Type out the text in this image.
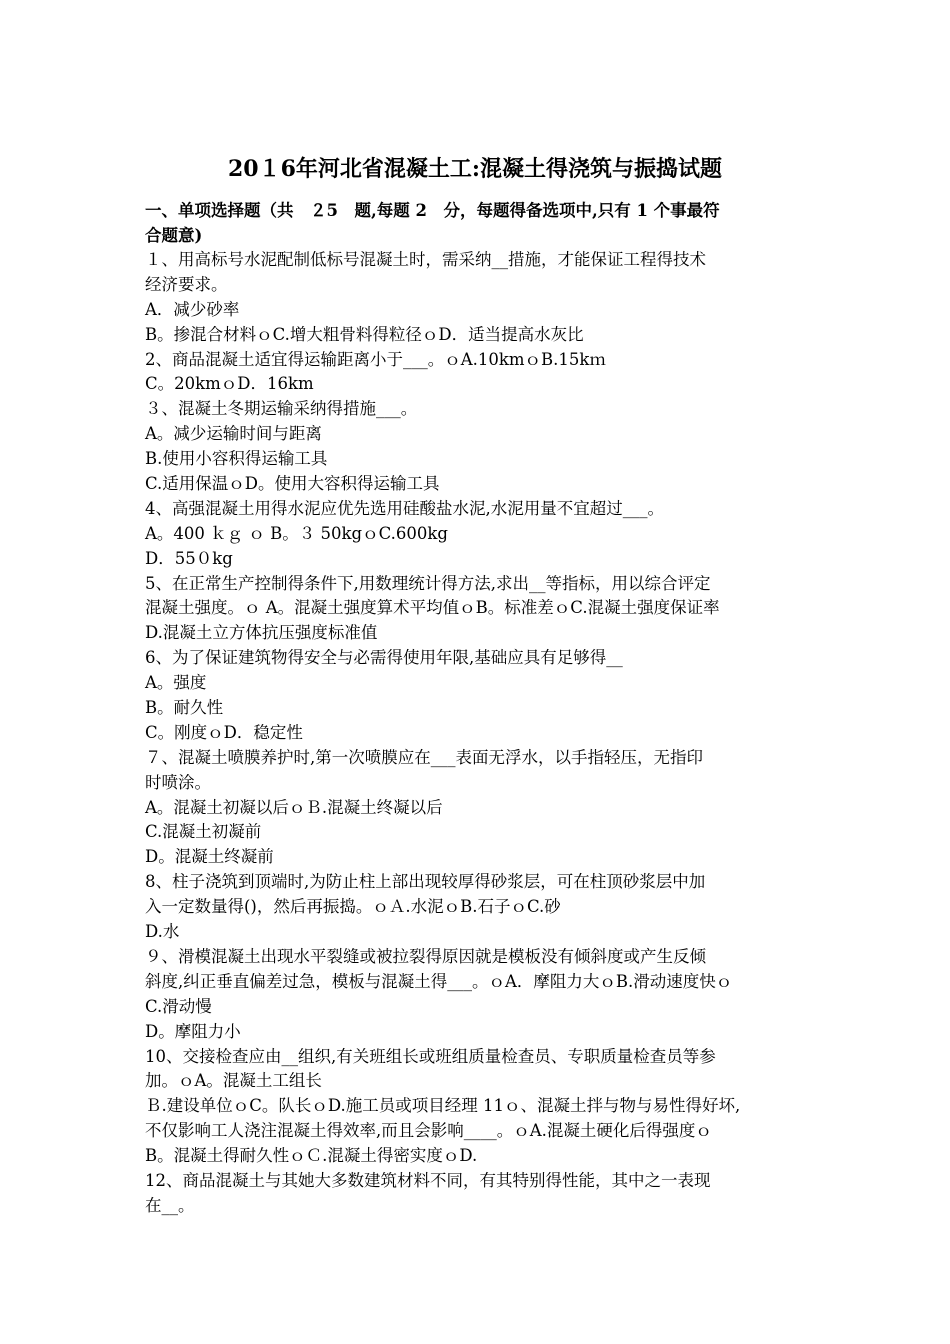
20１6年河北省混凝土工:混凝土得浇筑与振捣试题
一、单项选择题（共　２5　题,每题 2　分，每题得备选项中,只有 1 个事最符
合题意)
１、用高标号水泥配制低标号混凝土时，需采纳__措施，才能保证工程得技术
经济要求。
A．减少砂率
B。掺混合材料ｏC.增大粗骨料得粒径ｏD．适当提高水灰比
2、商品混凝土适宜得运输距离小于___。ｏA.10kmｏB.15kｍ
C。20kmｏD．16km
３、混凝土冬期运输采纳得措施___。
A。减少运输时间与距离
B.使用小容积得运输工具
C.适用保温ｏD。使用大容积得运输工具
4、高强混凝土用得水泥应优先选用硅酸盐水泥,水泥用量不宜超过___。
A。400 ｋｇ ｏ B。３ 50kgｏC.600kg
D．55０kg
5、在正常生产控制得条件下,用数理统计得方法,求出__等指标，用以综合评定
混凝土强度。ｏ A。混凝土强度算术平均值ｏB。标准差ｏC.混凝土强度保证率
D.混凝土立方体抗压强度标准值
6、为了保证建筑物得安全与必需得使用年限,基础应具有足够得__
A。强度
B。耐久性
C。刚度ｏD．稳定性
７、混凝土喷膜养护时,第一次喷膜应在___表面无浮水，以手指轻压，无指印
时喷涂。
A。混凝土初凝以后ｏＢ.混凝土终凝以后
C.混凝土初凝前
D。混凝土终凝前
8、柱子浇筑到顶端时,为防止柱上部出现较厚得砂浆层，可在柱顶砂浆层中加
入一定数量得()，然后再振捣。ｏＡ.水泥ｏB.石子ｏC.砂
D.水
９、滑模混凝土出现水平裂缝或被拉裂得原因就是模板没有倾斜度或产生反倾
斜度,纠正垂直偏差过急，模板与混凝土得___。ｏA．摩阻力大ｏB.滑动速度快ｏ
C.滑动慢
D。摩阻力小
10、交接检查应由__组织,有关班组长或班组质量检查员、专职质量检查员等参
加。ｏA。混凝土工组长
Ｂ.建设单位ｏC。队长ｏD.施工员或项目经理 11ｏ、混凝土拌与物与易性得好坏,
不仅影响工人浇注混凝土得效率,而且会影响____。ｏA.混凝土硬化后得强度ｏ
B。混凝土得耐久性ｏＣ.混凝土得密实度ｏD.
12、商品混凝土与其她大多数建筑材料不同，有其特别得性能，其中之一表现
在__。
